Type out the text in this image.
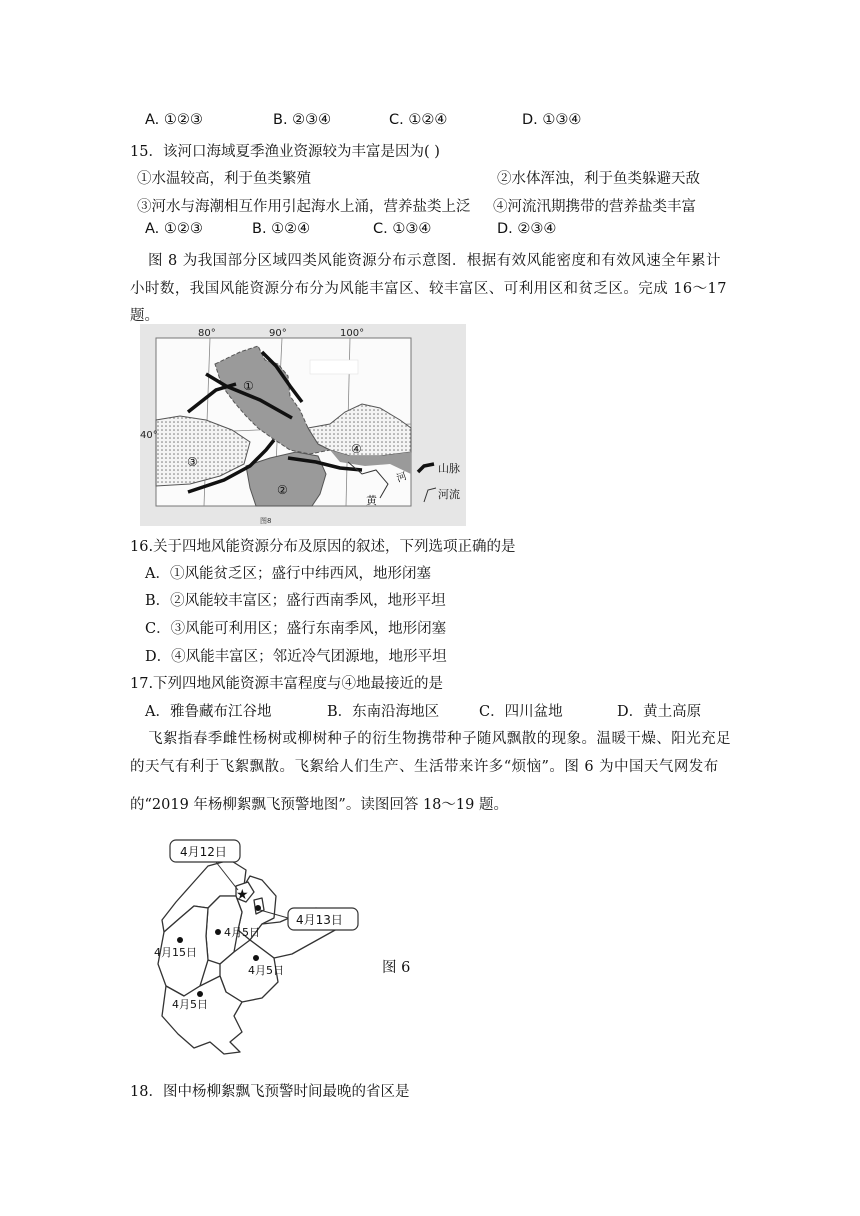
A. ①②③	B. ②③④	C. ①②④	D. ①③④
15．该河口海域夏季渔业资源较为丰富是因为( )
①水温较高，利于鱼类繁殖	②水体浑浊，利于鱼类躲避天敌
③河水与海潮相互作用引起海水上涌，营养盐类上泛 ④河流汛期携带的营养盐类丰富
A. ①②③	B. ①②④	C. ①③④	D. ②③④
图 8 为我国部分区域四类风能资源分布示意图．根据有效风能密度和有效风速全年累计
小时数，我国风能资源分布分为风能丰富区、较丰富区、可利用区和贫乏区。完成 16～17
题。
80°	90°	100°
40°
①
②
③
④
黄
河
山脉
河流
图8
16.关于四地风能资源分布及原因的叙述，下列选项正确的是
A．①风能贫乏区；盛行中纬西风，地形闭塞
B．②风能较丰富区；盛行西南季风，地形平坦
C．③风能可利用区；盛行东南季风，地形闭塞
D．④风能丰富区；邻近冷气团源地，地形平坦
17.下列四地风能资源丰富程度与④地最接近的是
A．雅鲁藏布江谷地	B．东南沿海地区	C．四川盆地	D．黄土高原
飞絮指春季雌性杨树或柳树种子的衍生物携带种子随风飘散的现象。温暖干燥、阳光充足
的天气有利于飞絮飘散。飞絮给人们生产、生活带来许多“烦恼”。图 6 为中国天气网发布
的“2019 年杨柳絮飘飞预警地图”。读图回答 18～19 题。
4月12日
4月13日
★
4月5日
4月15日
4月5日
4月5日
图 6
18．图中杨柳絮飘飞预警时间最晚的省区是
